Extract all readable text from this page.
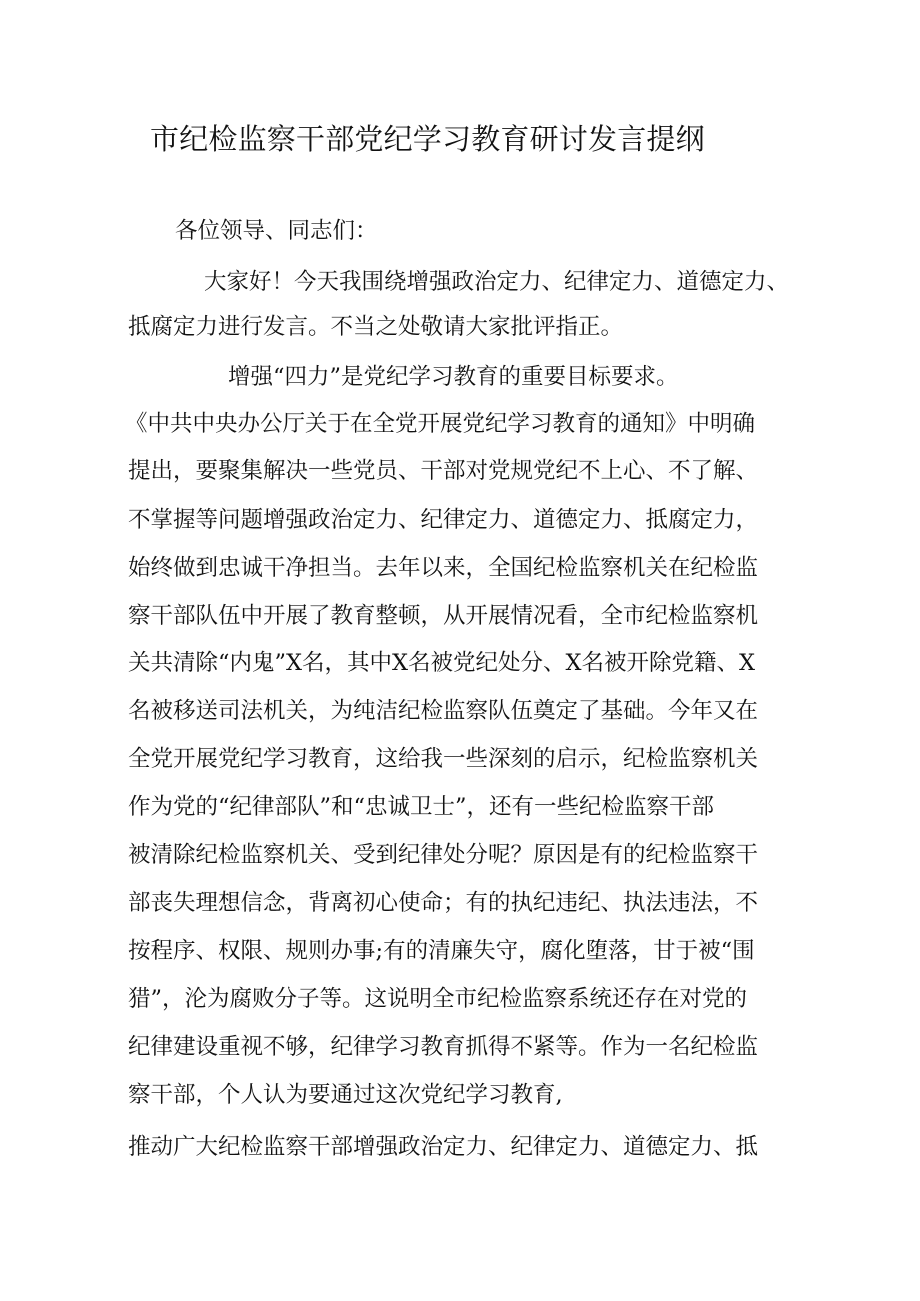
市纪检监察干部党纪学习教育研讨发言提纲
各位领导、同志们：
大家好！今天我围绕增强政治定力、纪律定力、道德定力、
抵腐定力进行发言。不当之处敬请大家批评指正。
增强“四力”是党纪学习教育的重要目标要求。
《中共中央办公厅关于在全党开展党纪学习教育的通知》中明确
提出，要聚集解决一些党员、干部对党规党纪不上心、不了解、
不掌握等问题增强政治定力、纪律定力、道德定力、抵腐定力，
始终做到忠诚干净担当。去年以来，全国纪检监察机关在纪检监
察干部队伍中开展了教育整顿，从开展情况看，全市纪检监察机
关共清除“内鬼”X名，其中X名被党纪处分、X名被开除党籍、X
名被移送司法机关，为纯洁纪检监察队伍奠定了基础。今年又在
全党开展党纪学习教育，这给我一些深刻的启示，纪检监察机关
作为党的“纪律部队”和“忠诚卫士”，还有一些纪检监察干部
被清除纪检监察机关、受到纪律处分呢？原因是有的纪检监察干
部丧失理想信念，背离初心使命；有的执纪违纪、执法违法，不
按程序、权限、规则办事;有的清廉失守，腐化堕落，甘于被“围
猎”，沦为腐败分子等。这说明全市纪检监察系统还存在对党的
纪律建设重视不够，纪律学习教育抓得不紧等。作为一名纪检监
察干部，个人认为要通过这次党纪学习教育,
推动广大纪检监察干部增强政治定力、纪律定力、道德定力、抵
